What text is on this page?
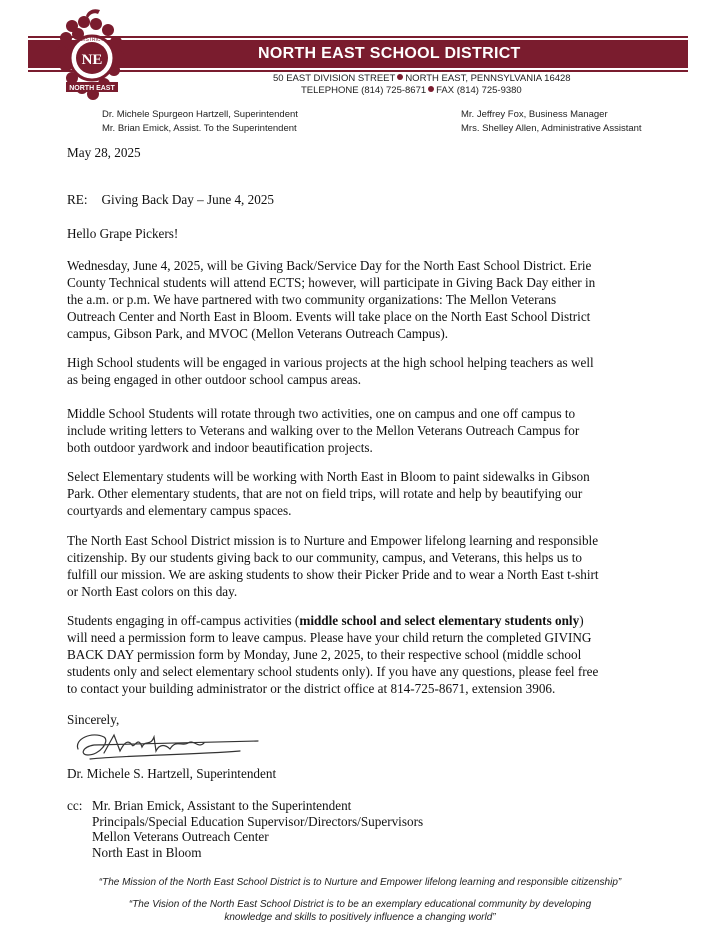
NE
DISTRICT
NORTH EAST
NORTH EAST SCHOOL DISTRICT
50 EAST DIVISION STREET NORTH EAST, PENNSYLVANIA 16428
TELEPHONE (814) 725-8671 FAX (814) 725-9380
Dr. Michele Spurgeon Hartzell, Superintendent
Mr. Brian Emick, Assist. To the Superintendent
Mr. Jeffrey Fox, Business Manager
Mrs. Shelley Allen, Administrative Assistant
May 28, 2025
RE: Giving Back Day – June 4, 2025
Hello Grape Pickers!
Wednesday, June 4, 2025, will be Giving Back/Service Day for the North East School District. Erie
County Technical students will attend ECTS; however, will participate in Giving Back Day either in
the a.m. or p.m. We have partnered with two community organizations: The Mellon Veterans
Outreach Center and North East in Bloom. Events will take place on the North East School District
campus, Gibson Park, and MVOC (Mellon Veterans Outreach Campus).
High School students will be engaged in various projects at the high school helping teachers as well
as being engaged in other outdoor school campus areas.
Middle School Students will rotate through two activities, one on campus and one off campus to
include writing letters to Veterans and walking over to the Mellon Veterans Outreach Campus for
both outdoor yardwork and indoor beautification projects.
Select Elementary students will be working with North East in Bloom to paint sidewalks in Gibson
Park. Other elementary students, that are not on field trips, will rotate and help by beautifying our
courtyards and elementary campus spaces.
The North East School District mission is to Nurture and Empower lifelong learning and responsible
citizenship. By our students giving back to our community, campus, and Veterans, this helps us to
fulfill our mission. We are asking students to show their Picker Pride and to wear a North East t-shirt
or North East colors on this day.
Students engaging in off-campus activities (middle school and select elementary students only)
will need a permission form to leave campus. Please have your child return the completed GIVING
BACK DAY permission form by Monday, June 2, 2025, to their respective school (middle school
students only and select elementary school students only). If you have any questions, please feel free
to contact your building administrator or the district office at 814-725-8671, extension 3906.
Sincerely,
Dr. Michele S. Hartzell, Superintendent
cc: Mr. Brian Emick, Assistant to the Superintendent
Principals/Special Education Supervisor/Directors/Supervisors
Mellon Veterans Outreach Center
North East in Bloom
“The Mission of the North East School District is to Nurture and Empower lifelong learning and responsible citizenship”
“The Vision of the North East School District is to be an exemplary educational community by developing
knowledge and skills to positively influence a changing world”
